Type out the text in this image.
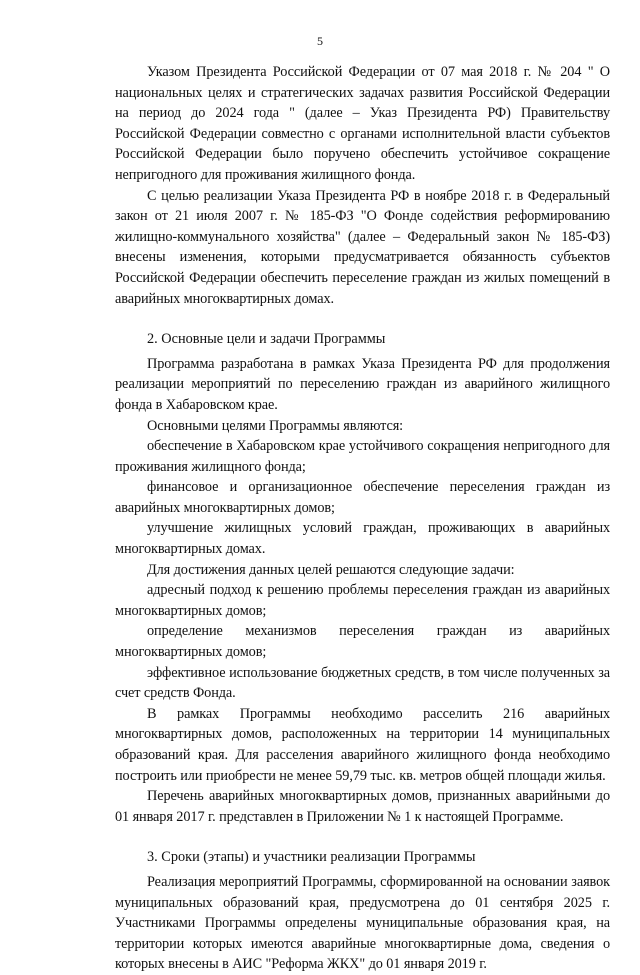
5

Указом Президента Российской Федерации от 07 мая 2018 г. № 204 " О национальных целях и стратегических задачах развития Российской Федерации на период до 2024 года " (далее – Указ Президента РФ) Правительству Российской Федерации совместно с органами исполнительной власти субъектов Российской Федерации было поручено обеспечить устойчивое сокращение непригодного для проживания жилищного фонда.

С целью реализации Указа Президента РФ в ноябре 2018 г. в Федеральный закон от 21 июля 2007 г. № 185-ФЗ "О Фонде содействия реформированию жилищно-коммунального хозяйства" (далее – Федеральный закон № 185-ФЗ) внесены изменения, которыми предусматривается обязанность субъектов Российской Федерации обеспечить переселение граждан из жилых помещений в аварийных многоквартирных домах.

2. Основные цели и задачи Программы

Программа разработана в рамках Указа Президента РФ для продолжения реализации мероприятий по переселению граждан из аварийного жилищного фонда в Хабаровском крае.

Основными целями Программы являются:

обеспечение в Хабаровском крае устойчивого сокращения непригодного для проживания жилищного фонда;

финансовое и организационное обеспечение переселения граждан из аварийных многоквартирных домов;

улучшение жилищных условий граждан, проживающих в аварийных многоквартирных домах.

Для достижения данных целей решаются следующие задачи:

адресный подход к решению проблемы переселения граждан из аварийных многоквартирных домов;

определение механизмов переселения граждан из аварийных многоквартирных домов;

эффективное использование бюджетных средств, в том числе полученных за счет средств Фонда.

В рамках Программы необходимо расселить 216 аварийных многоквартирных домов, расположенных на территории 14 муниципальных образований края. Для расселения аварийного жилищного фонда необходимо построить или приобрести не менее 59,79 тыс. кв. метров общей площади жилья.

Перечень аварийных многоквартирных домов, признанных аварийными до 01 января 2017 г. представлен в Приложении № 1 к настоящей Программе.

3. Сроки (этапы) и участники реализации Программы

Реализация мероприятий Программы, сформированной на основании заявок муниципальных образований края, предусмотрена до 01 сентября 2025 г. Участниками Программы определены муниципальные образования края, на территории которых имеются аварийные многоквартирные дома, сведения о которых внесены в АИС "Реформа ЖКХ" до 01 января 2019 г.
